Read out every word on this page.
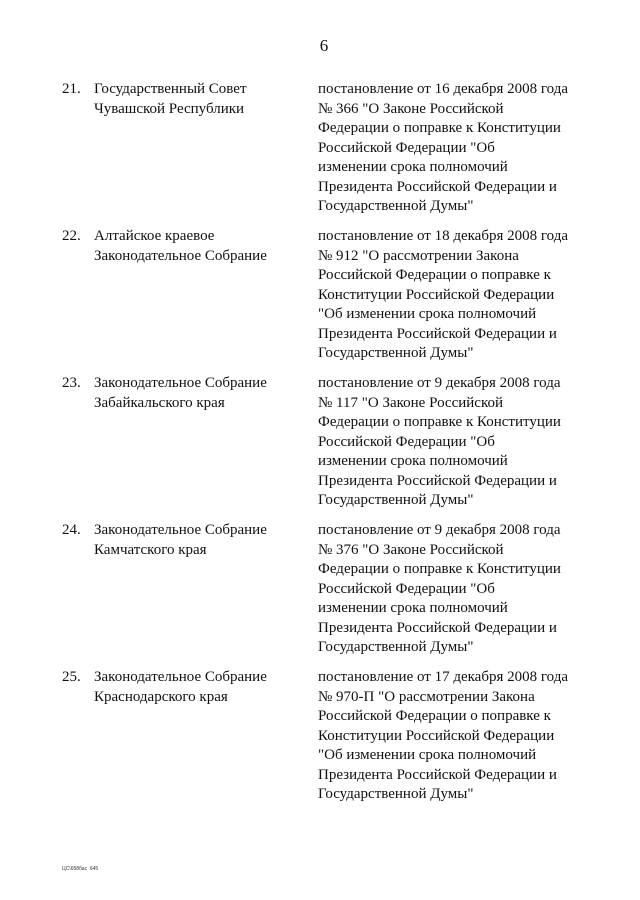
6
21. Государственный Совет
Чувашской Республики
постановление от 16 декабря 2008 года
№ 366 "О Законе Российской
Федерации о поправке к Конституции
Российской Федерации "Об
изменении срока полномочий
Президента Российской Федерации и
Государственной Думы"
22. Алтайское краевое
Законодательное Собрание
постановление от 18 декабря 2008 года
№ 912 "О рассмотрении Закона
Российской Федерации о поправке к
Конституции Российской Федерации
"Об изменении срока полномочий
Президента Российской Федерации и
Государственной Думы"
23. Законодательное Собрание
Забайкальского края
постановление от 9 декабря 2008 года
№ 117 "О Законе Российской
Федерации о поправке к Конституции
Российской Федерации "Об
изменении срока полномочий
Президента Российской Федерации и
Государственной Думы"
24. Законодательное Собрание
Камчатского края
постановление от 9 декабря 2008 года
№ 376 "О Законе Российской
Федерации о поправке к Конституции
Российской Федерации "Об
изменении срока полномочий
Президента Российской Федерации и
Государственной Думы"
25. Законодательное Собрание
Краснодарского края
постановление от 17 декабря 2008 года
№ 970-П "О рассмотрении Закона
Российской Федерации о поправке к
Конституции Российской Федерации
"Об изменении срока полномочий
Президента Российской Федерации и
Государственной Думы"
ЦС\658бас  645
